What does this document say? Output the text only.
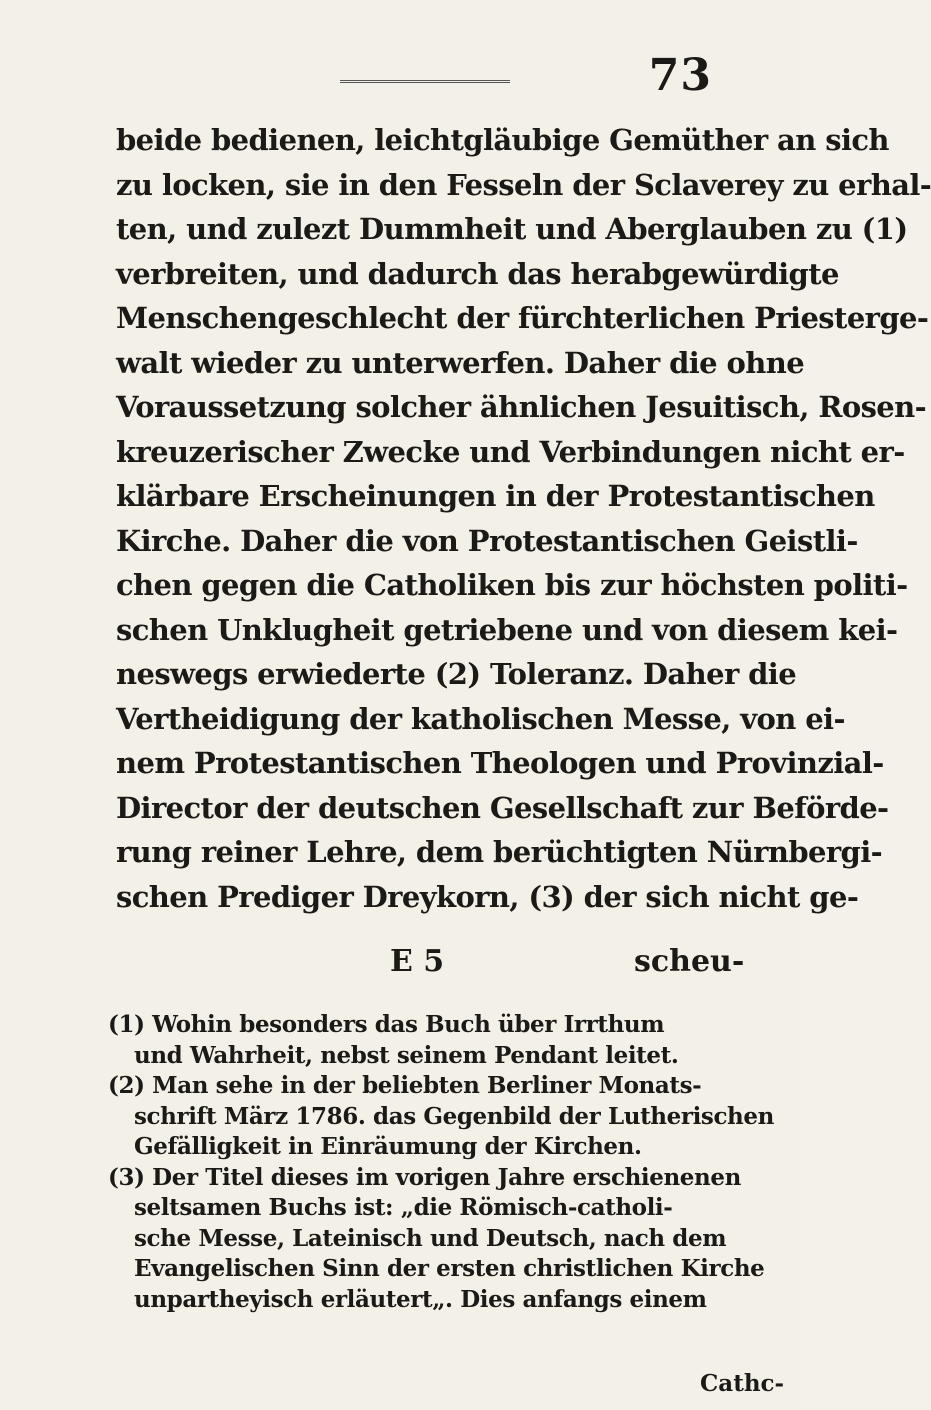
73
beide bedienen, leichtgläubige Gemüther an sich
zu locken, sie in den Fesseln der Sclaverey zu erhal-
ten, und zulezt Dummheit und Aberglauben zu (1)
verbreiten, und dadurch das herabgewürdigte
Menschengeschlecht der fürchterlichen Priesterge-
walt wieder zu unterwerfen. Daher die ohne
Voraussetzung solcher ähnlichen Jesuitisch, Rosen-
kreuzerischer Zwecke und Verbindungen nicht er-
klärbare Erscheinungen in der Protestantischen
Kirche. Daher die von Protestantischen Geistli-
chen gegen die Catholiken bis zur höchsten politi-
schen Unklugheit getriebene und von diesem kei-
neswegs erwiederte (2) Toleranz. Daher die
Vertheidigung der katholischen Messe, von ei-
nem Protestantischen Theologen und Provinzial-
Director der deutschen Gesellschaft zur Beförde-
rung reiner Lehre, dem berüchtigten Nürnbergi-
schen Prediger Dreykorn, (3) der sich nicht ge-
E 5	scheu-
(1) Wohin besonders das Buch über Irrthum
und Wahrheit, nebst seinem Pendant leitet.
(2) Man sehe in der beliebten Berliner Monats-
schrift März 1786. das Gegenbild der Lutherischen
Gefälligkeit in Einräumung der Kirchen.
(3) Der Titel dieses im vorigen Jahre erschienenen
seltsamen Buchs ist: „die Römisch-catholi-
sche Messe, Lateinisch und Deutsch, nach dem
Evangelischen Sinn der ersten christlichen Kirche
unpartheyisch erläutert„. Dies anfangs einem
Cathc-
